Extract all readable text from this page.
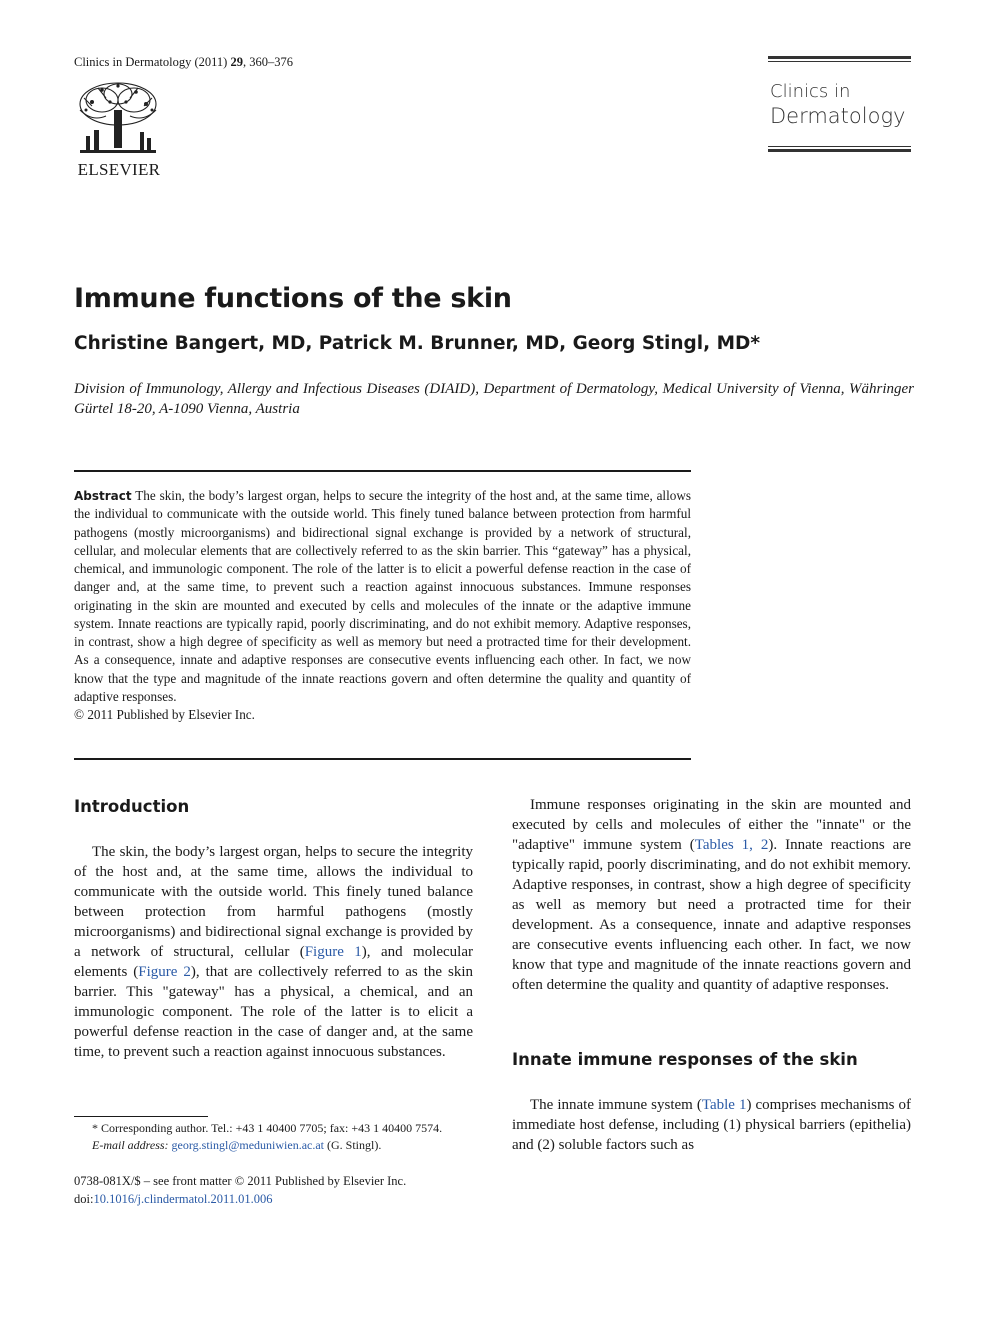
Clinics in Dermatology (2011) 29, 360–376
ELSEVIER
Clinics in
Dermatology
Immune functions of the skin
Christine Bangert, MD, Patrick M. Brunner, MD, Georg Stingl, MD*
Division of Immunology, Allergy and Infectious Diseases (DIAID), Department of Dermatology, Medical University of Vienna, Währinger Gürtel 18-20, A-1090 Vienna, Austria
Abstract The skin, the body’s largest organ, helps to secure the integrity of the host and, at the same time, allows the individual to communicate with the outside world. This finely tuned balance between protection from harmful pathogens (mostly microorganisms) and bidirectional signal exchange is provided by a network of structural, cellular, and molecular elements that are collectively referred to as the skin barrier. This “gateway” has a physical, chemical, and immunologic component. The role of the latter is to elicit a powerful defense reaction in the case of danger and, at the same time, to prevent such a reaction against innocuous substances. Immune responses originating in the skin are mounted and executed by cells and molecules of the innate or the adaptive immune system. Innate reactions are typically rapid, poorly discriminating, and do not exhibit memory. Adaptive responses, in contrast, show a high degree of specificity as well as memory but need a protracted time for their development. As a consequence, innate and adaptive responses are consecutive events influencing each other. In fact, we now know that the type and magnitude of the innate reactions govern and often determine the quality and quantity of adaptive responses.
© 2011 Published by Elsevier Inc.
Introduction
The skin, the body’s largest organ, helps to secure the integrity of the host and, at the same time, allows the individual to communicate with the outside world. This finely tuned balance between protection from harmful pathogens (mostly microorganisms) and bidirectional signal exchange is provided by a network of structural, cellular (Figure 1), and molecular elements (Figure 2), that are collectively referred to as the skin barrier. This "gateway" has a physical, a chemical, and an immunologic component. The role of the latter is to elicit a powerful defense reaction in the case of danger and, at the same time, to prevent such a reaction against innocuous substances.
Immune responses originating in the skin are mounted and executed by cells and molecules of either the "innate" or the "adaptive" immune system (Tables 1, 2). Innate reactions are typically rapid, poorly discriminating, and do not exhibit memory. Adaptive responses, in contrast, show a high degree of specificity as well as memory but need a protracted time for their development. As a consequence, innate and adaptive responses are consecutive events influencing each other. In fact, we now know that type and magnitude of the innate reactions govern and often determine the quality and quantity of adaptive responses.
Innate immune responses of the skin
The innate immune system (Table 1) comprises mechanisms of immediate host defense, including (1) physical barriers (epithelia) and (2) soluble factors such as
* Corresponding author. Tel.: +43 1 40400 7705; fax: +43 1 40400 7574.
E-mail address: georg.stingl@meduniwien.ac.at (G. Stingl).
0738-081X/$ – see front matter © 2011 Published by Elsevier Inc.
doi:10.1016/j.clindermatol.2011.01.006
